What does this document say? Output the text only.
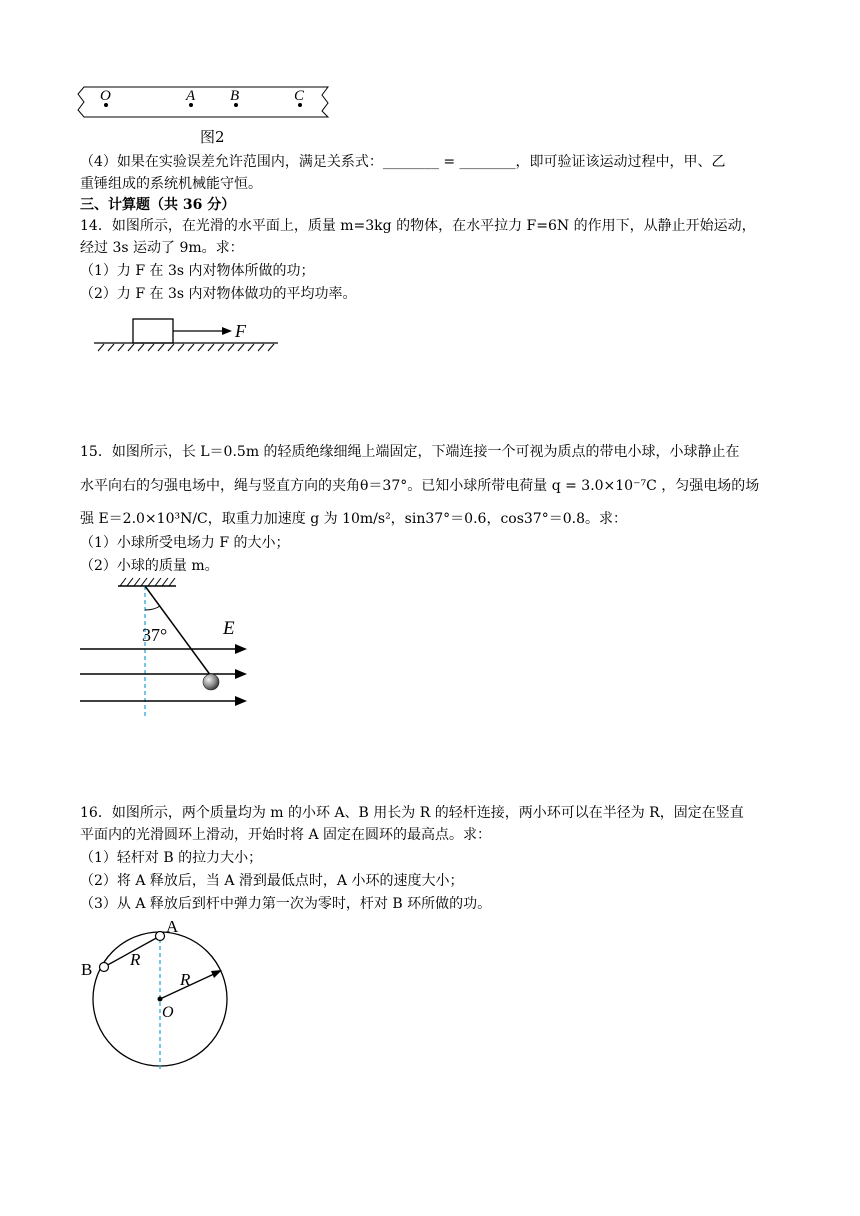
O	A B	C
图2
（4）如果在实验误差允许范围内，满足关系式：________ = ________，即可验证该运动过程中，甲、乙
重锤组成的系统机械能守恒。
三、计算题（共 36 分）
14．如图所示，在光滑的水平面上，质量 m=3kg 的物体，在水平拉力 F=6N 的作用下，从静止开始运动，
经过 3s 运动了 9m。求：
（1）力 F 在 3s 内对物体所做的功；
（2）力 F 在 3s 内对物体做功的平均功率。
F
15．如图所示，长 L＝0.5m 的轻质绝缘细绳上端固定，下端连接一个可视为质点的带电小球，小球静止在
水平向右的匀强电场中，绳与竖直方向的夹角θ＝37°。已知小球所带电荷量 q = 3.0×10⁻⁷C ，匀强电场的场
强 E＝2.0×10³N/C，取重力加速度 g 为 10m/s²，sin37°＝0.6，cos37°＝0.8。求：
（1）小球所受电场力 F 的大小；
（2）小球的质量 m。
37°	E
16．如图所示，两个质量均为 m 的小环 A、B 用长为 R 的轻杆连接，两小环可以在半径为 R，固定在竖直
平面内的光滑圆环上滑动，开始时将 A 固定在圆环的最高点。求：
（1）轻杆对 B 的拉力大小；
（2）将 A 释放后，当 A 滑到最低点时，A 小环的速度大小；
（3）从 A 释放后到杆中弹力第一次为零时，杆对 B 环所做的功。
A
B
R
R
O
